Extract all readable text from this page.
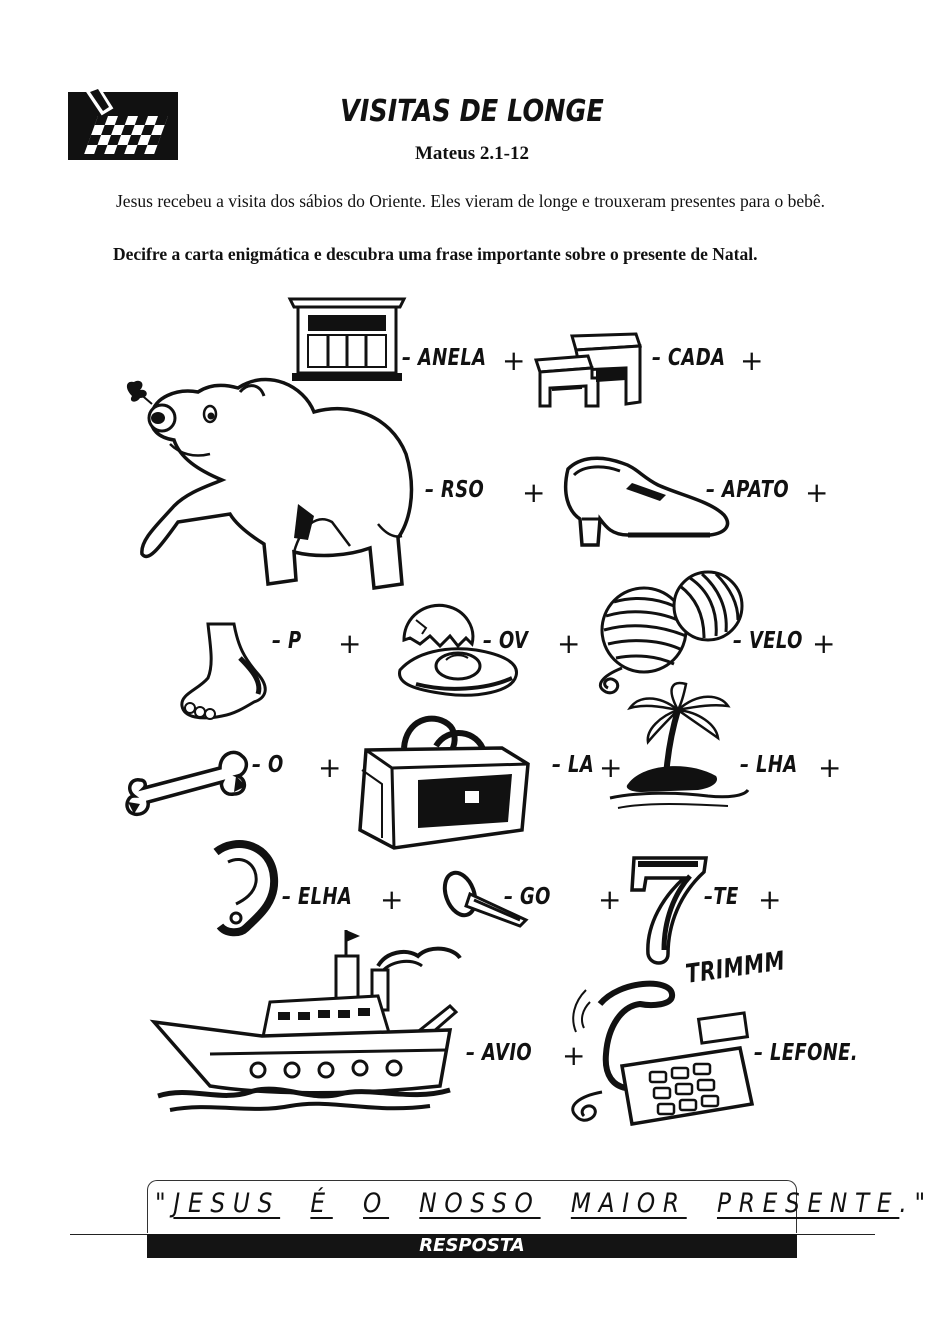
VISITAS DE LONGE
Mateus 2.1-12
Jesus recebeu a visita dos sábios do Oriente. Eles vieram de longe e trouxeram presentes para o bebê.
Decifre a carta enigmática e descubra uma frase importante sobre o presente de Natal.
– ANELA +	– CADA +
– RSO +	– APATO +
– P +	– OV +	– VELO +
– O +	– LA +	– LHA +
– ELHA +	– GO +	–TE +
– AVIO +
TRIMMM
– LEFONE.
"JESUS É O NOSSO MAIOR PRESENTE."
RESPOSTA
